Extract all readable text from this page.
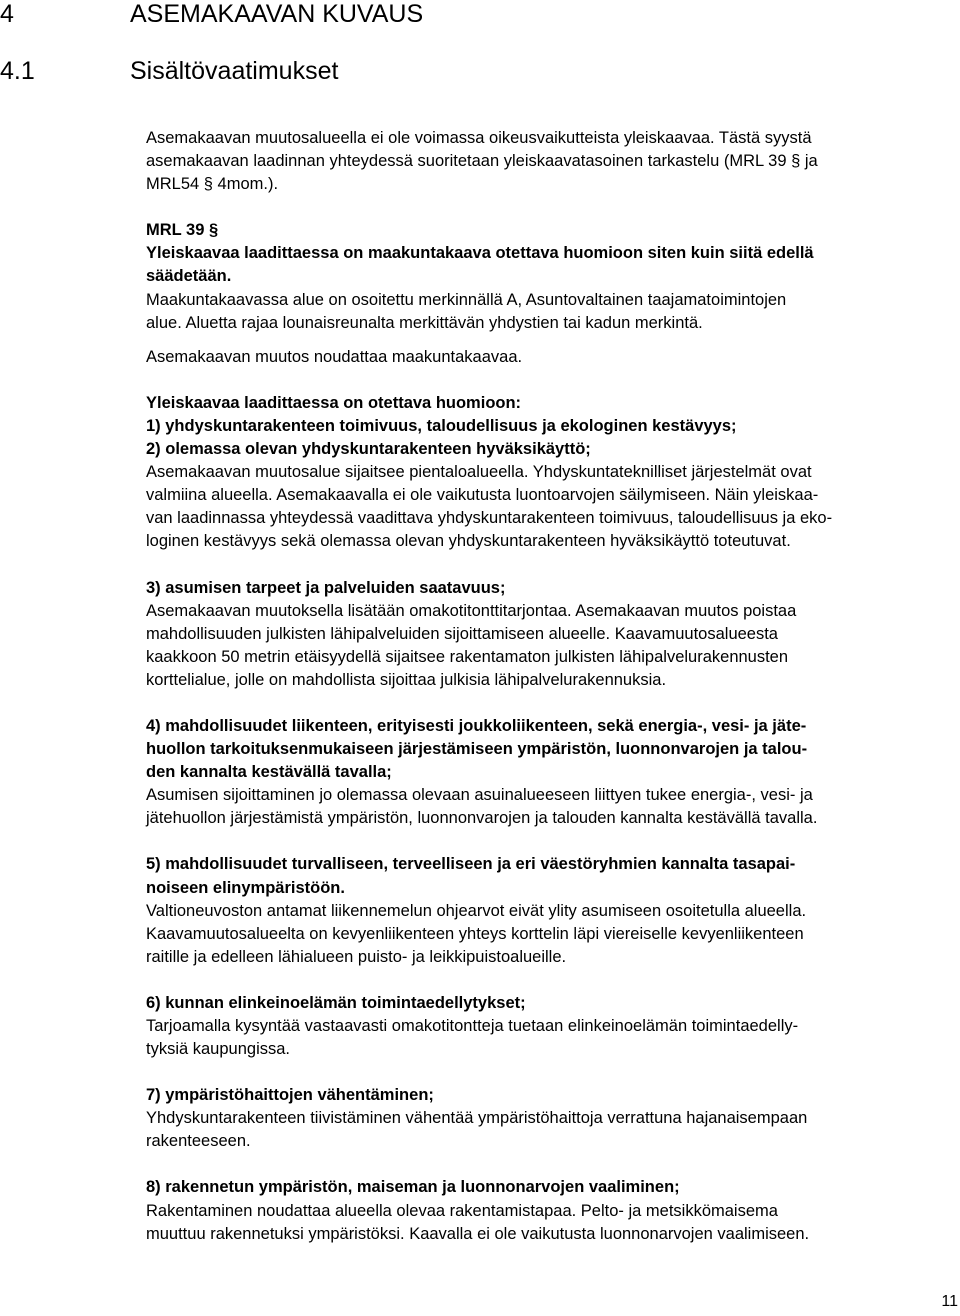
4	ASEMAKAAVAN KUVAUS
4.1	Sisältövaatimukset

Asemakaavan muutosalueella ei ole voimassa oikeusvaikutteista yleiskaavaa. Tästä syystä

asemakaavan laadinnan yhteydessä suoritetaan yleiskaavatasoinen tarkastelu (MRL 39 § ja

MRL54 § 4mom.).

MRL 39 §

Yleiskaavaa laadittaessa on maakuntakaava otettava huomioon siten kuin siitä edellä

säädetään.

Maakuntakaavassa alue on osoitettu merkinnällä A, Asuntovaltainen taajamatoimintojen

alue. Aluetta rajaa lounaisreunalta merkittävän yhdystien tai kadun merkintä.

Asemakaavan muutos noudattaa maakuntakaavaa.

Yleiskaavaa laadittaessa on otettava huomioon:

1) yhdyskuntarakenteen toimivuus, taloudellisuus ja ekologinen kestävyys;

2) olemassa olevan yhdyskuntarakenteen hyväksikäyttö;

Asemakaavan muutosalue sijaitsee pientaloalueella. Yhdyskuntateknilliset järjestelmät ovat

valmiina alueella. Asemakaavalla ei ole vaikutusta luontoarvojen säilymiseen. Näin yleiskaa-

van laadinnassa yhteydessä vaadittava yhdyskuntarakenteen toimivuus, taloudellisuus ja eko-

loginen kestävyys sekä olemassa olevan yhdyskuntarakenteen hyväksikäyttö toteutuvat.

3) asumisen tarpeet ja palveluiden saatavuus;

Asemakaavan muutoksella lisätään omakotitonttitarjontaa. Asemakaavan muutos poistaa

mahdollisuuden julkisten lähipalveluiden sijoittamiseen alueelle. Kaavamuutosalueesta

kaakkoon 50 metrin etäisyydellä sijaitsee rakentamaton julkisten lähipalvelurakennusten

korttelialue, jolle on mahdollista sijoittaa julkisia lähipalvelurakennuksia.

4) mahdollisuudet liikenteen, erityisesti joukkoliikenteen, sekä energia-, vesi- ja jäte-

huollon tarkoituksenmukaiseen järjestämiseen ympäristön, luonnonvarojen ja talou-

den kannalta kestävällä tavalla;

Asumisen sijoittaminen jo olemassa olevaan asuinalueeseen liittyen tukee energia-, vesi- ja

jätehuollon järjestämistä ympäristön, luonnonvarojen ja talouden kannalta kestävällä tavalla.

5) mahdollisuudet turvalliseen, terveelliseen ja eri väestöryhmien kannalta tasapai-

noiseen elinympäristöön.

Valtioneuvoston antamat liikennemelun ohjearvot eivät ylity asumiseen osoitetulla alueella.

Kaavamuutosalueelta on kevyenliikenteen yhteys korttelin läpi viereiselle kevyenliikenteen

raitille ja edelleen lähialueen puisto- ja leikkipuistoalueille.

6) kunnan elinkeinoelämän toimintaedellytykset;

Tarjoamalla kysyntää vastaavasti omakotitontteja tuetaan elinkeinoelämän toimintaedelly-

tyksiä kaupungissa.

7) ympäristöhaittojen vähentäminen;

Yhdyskuntarakenteen tiivistäminen vähentää ympäristöhaittoja verrattuna hajanaisempaan

rakenteeseen.

8) rakennetun ympäristön, maiseman ja luonnonarvojen vaaliminen;

Rakentaminen noudattaa alueella olevaa rakentamistapaa. Pelto- ja metsikkömaisema

muuttuu rakennetuksi ympäristöksi. Kaavalla ei ole vaikutusta luonnonarvojen vaalimiseen.

11
